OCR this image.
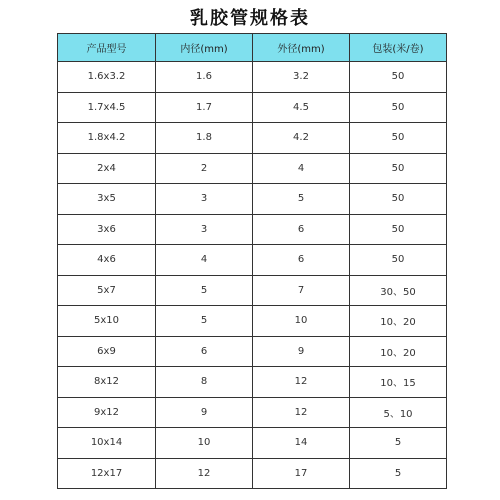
乳胶管规格表
产品型号	内径(mm)	外径(mm)	包装(米/卷)
1.6x3.2	1.6	3.2	50
1.7x4.5	1.7	4.5	50
1.8x4.2	1.8	4.2	50
2x4	2	4	50
3x5	3	5	50
3x6	3	6	50
4x6	4	6	50
5x7	5	7	30、50
5x10	5	10	10、20
6x9	6	9	10、20
8x12	8	12	10、15
9x12	9	12	5、10
10x14	10	14	5
12x17	12	17	5
